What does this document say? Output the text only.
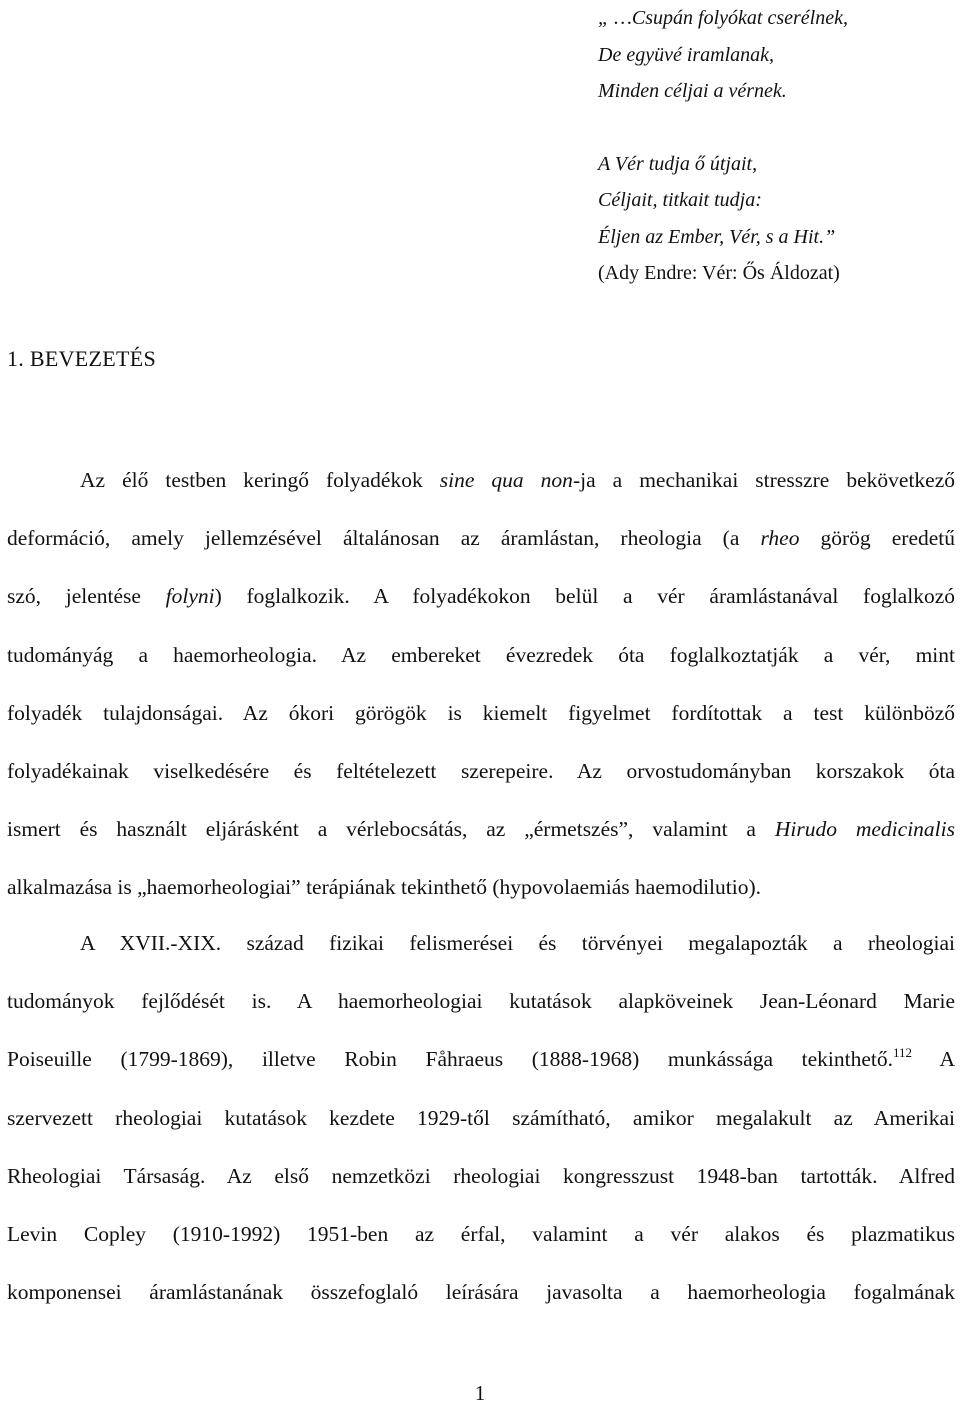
„ …Csupán folyókat cserélnek,
De együvé iramlanak,
Minden céljai a vérnek.
A Vér tudja ő útjait,
Céljait, titkait tudja:
Éljen az Ember, Vér, s a Hit.”
(Ady Endre: Vér: Ős Áldozat)
1. BEVEZETÉS
Az élő testben keringő folyadékok sine qua non-ja a mechanikai stresszre bekövetkező
deformáció, amely jellemzésével általánosan az áramlástan, rheologia (a rheo görög eredetű
szó, jelentése folyni) foglalkozik. A folyadékokon belül a vér áramlástanával foglalkozó
tudományág a haemorheologia. Az embereket évezredek óta foglalkoztatják a vér, mint
folyadék tulajdonságai. Az ókori görögök is kiemelt figyelmet fordítottak a test különböző
folyadékainak viselkedésére és feltételezett szerepeire. Az orvostudományban korszakok óta
ismert és használt eljárásként a vérlebocsátás, az „érmetszés”, valamint a Hirudo medicinalis
alkalmazása is „haemorheologiai” terápiának tekinthető (hypovolaemiás haemodilutio).
A XVII.-XIX. század fizikai felismerései és törvényei megalapozták a rheologiai
tudományok fejlődését is. A haemorheologiai kutatások alapköveinek Jean-Léonard Marie
Poiseuille (1799-1869), illetve Robin Fåhraeus (1888-1968) munkássága tekinthető.$^{112}$ A
szervezett rheologiai kutatások kezdete 1929-től számítható, amikor megalakult az Amerikai
Rheologiai Társaság. Az első nemzetközi rheologiai kongresszust 1948-ban tartották. Alfred
Levin Copley (1910-1992) 1951-ben az érfal, valamint a vér alakos és plazmatikus
komponensei áramlástanának összefoglaló leírására javasolta a haemorheologia fogalmának
1
